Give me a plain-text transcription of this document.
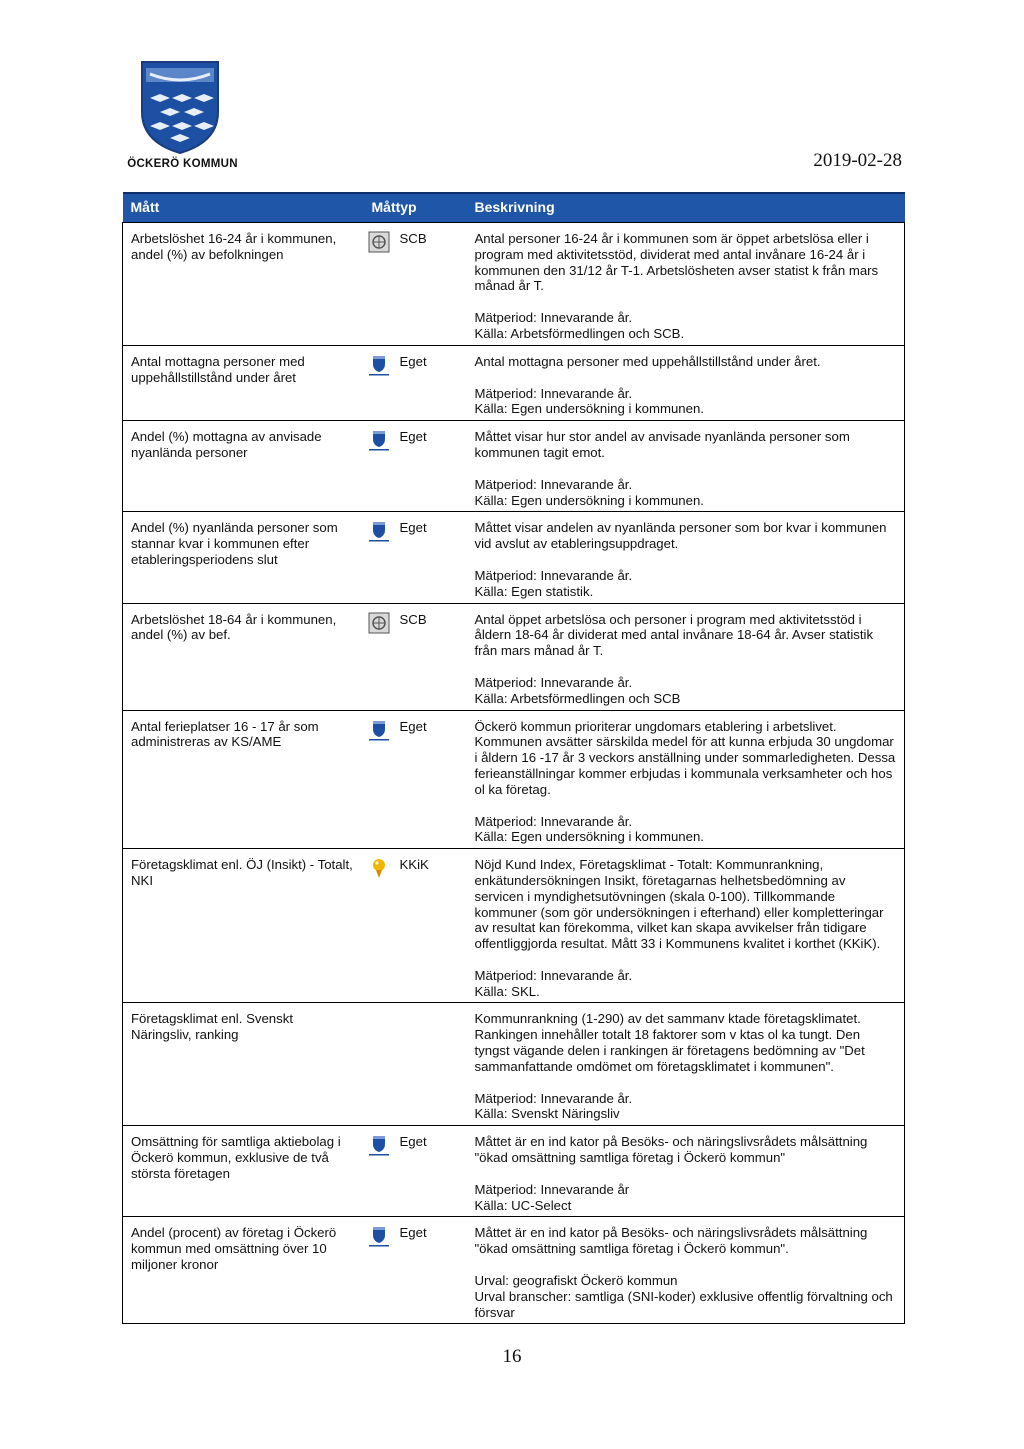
ÖCKERÖ KOMMUN	2019-02-28
Mått	Måttyp	Beskrivning
Arbetslöshet 16-24 år i kommunen, andel (%) av befolkningen	SCB	Antal personer 16-24 år i kommunen som är öppet arbetslösa eller i program med aktivitetsstöd, dividerat med antal invånare 16-24 år i kommunen den 31/12 år T-1. Arbetslösheten avser statist k från mars månad år T.

Mätperiod: Innevarande år.
Källa: Arbetsförmedlingen och SCB.

Antal mottagna personer med uppehållstillstånd under året	Eget	Antal mottagna personer med uppehållstillstånd under året.

Mätperiod: Innevarande år.
Källa: Egen undersökning i kommunen.

Andel (%) mottagna av anvisade nyanlända personer	Eget	Måttet visar hur stor andel av anvisade nyanlända personer som kommunen tagit emot.

Mätperiod: Innevarande år.
Källa: Egen undersökning i kommunen.

Andel (%) nyanlända personer som stannar kvar i kommunen efter etableringsperiodens slut	Eget	Måttet visar andelen av nyanlända personer som bor kvar i kommunen vid avslut av etableringsuppdraget.

Mätperiod: Innevarande år.
Källa: Egen statistik.

Arbetslöshet 18-64 år i kommunen, andel (%) av bef.	SCB	Antal öppet arbetslösa och personer i program med aktivitetsstöd i åldern 18-64 år dividerat med antal invånare 18-64 år. Avser statistik från mars månad år T.

Mätperiod: Innevarande år.
Källa: Arbetsförmedlingen och SCB

Antal ferieplatser 16 - 17 år som administreras av KS/AME	Eget	Öckerö kommun prioriterar ungdomars etablering i arbetslivet. Kommunen avsätter särskilda medel för att kunna erbjuda 30 ungdomar i åldern 16 -17 år 3 veckors anställning under sommarledigheten. Dessa ferieanställningar kommer erbjudas i kommunala verksamheter och hos ol ka företag.

Mätperiod: Innevarande år.
Källa: Egen undersökning i kommunen.

Företagsklimat enl. ÖJ (Insikt) - Totalt, NKI	KKiK	Nöjd Kund Index, Företagsklimat - Totalt: Kommunrankning, enkätundersökningen Insikt, företagarnas helhetsbedömning av servicen i myndighetsutövningen (skala 0-100). Tillkommande kommuner (som gör undersökningen i efterhand) eller kompletteringar av resultat kan förekomma, vilket kan skapa avvikelser från tidigare offentliggjorda resultat. Mått 33 i Kommunens kvalitet i korthet (KKiK).

Mätperiod: Innevarande år.
Källa: SKL.

Företagsklimat enl. Svenskt Näringsliv, ranking		Kommunrankning (1-290) av det sammanv ktade företagsklimatet. Rankingen innehåller totalt 18 faktorer som v ktas ol ka tungt. Den tyngst vägande delen i rankingen är företagens bedömning av "Det sammanfattande omdömet om företagsklimatet i kommunen".

Mätperiod: Innevarande år.
Källa: Svenskt Näringsliv

Omsättning för samtliga aktiebolag i Öckerö kommun, exklusive de två största företagen	Eget	Måttet är en ind kator på Besöks- och näringslivsrådets målsättning "ökad omsättning samtliga företag i Öckerö kommun"

Mätperiod: Innevarande år
Källa: UC-Select

Andel (procent) av företag i Öckerö kommun med omsättning över 10 miljoner kronor	Eget	Måttet är en ind kator på Besöks- och näringslivsrådets målsättning "ökad omsättning samtliga företag i Öckerö kommun".

Urval: geografiskt Öckerö kommun
Urval branscher: samtliga (SNI-koder) exklusive offentlig förvaltning och försvar

16
